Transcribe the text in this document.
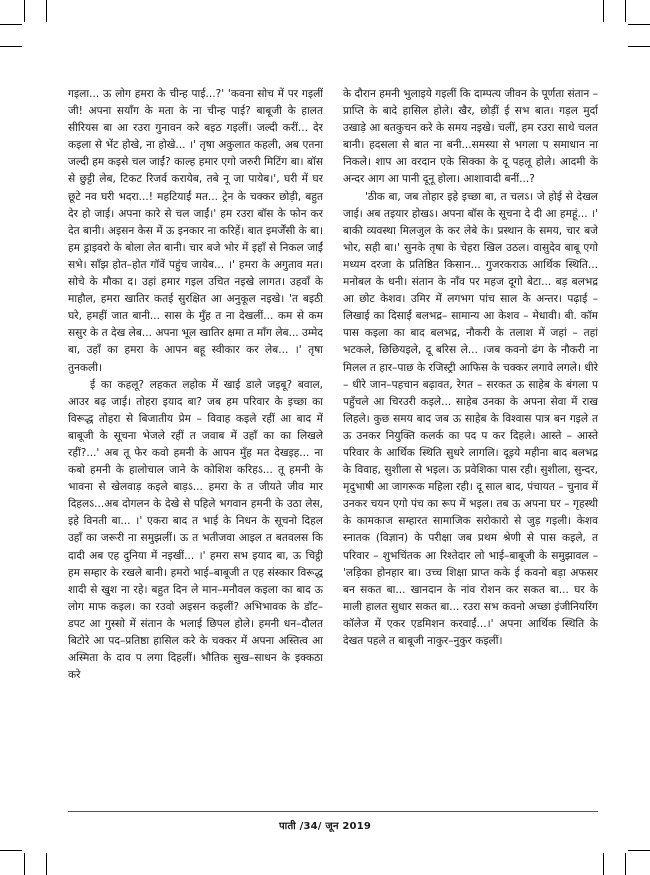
गइला... ऊ लोग हमरा के चीन्ह पाई...?' 'कवना सोच में पर गइलीं जी! अपना सयाँग के मता के ना चीन्ह पाई? बाबूजी के हालत सीरियस बा आ रउरा गुनावन करे बइठ गइलीं। जल्दी करीं... देर कइला से भेंट होखे, ना होखे... ।' तृषा अकुलात कहली, अब एतना जल्दी हम कइसे चल जाईं? काल्ह हमार एगो जरुरी मिटिंग बा। बॉस से छुट्टी लेब, टिकट रिजर्व करायेब, तबे नू जा पायेब।', घरी में घर छूटे नव घरी भदरा...! महटियाईं मत... ट्रेन के चक्कर छोड़ी, बहुत देर हो जाई। अपना कारे से चल जाईं।' हम रउरा बॉस के फोन कर देत बानी। अइसन केस में ऊ इनकार ना करिहें। बात इमर्जेंसी के बा। हम ड्राइवरो के बोला लेत बानी। चार बजे भोर में इहाँ से निकल जाईं सभे। साँझ होत–होत गॉवें पहुंच जायेब... ।' हमरा के अगुताव मत। सोचे के मौका द। उहां हमार गइल उचित नइखे लागत। उहवाँ के माहौल, हमरा खातिर कतई सुरक्षित आ अनुकूल नइखे। 'त बइठी घरे, हमहीं जात बानी... सास के मुँह त ना देखलीं... कम से कम ससुर के त देख लेब... अपना भूल खातिर क्षमा त माँग लेब... उम्मेद बा, उहाँ का हमरा के आपन बहू स्वीकार कर लेब... ।' तृषा तुनकली।

ई का कहलू? लहकत लहोक में खाई डाले जइबू? बवाल, आउर बढ़ जाई। तोहरा इयाद बा? जब हम परिवार के इच्छा का विरूद्ध तोहरा से बिजातीय प्रेम – विवाह कइले रहीं आ बाद में बाबूजी के सूचना भेजले रहीं त जवाब में उहाँ का का लिखले रहीं?...' अब तू फेर कवो हमनी के आपन मुँह मत देखइह... ना कबो हमनी के हालोचाल जाने के कोशिश करिहऽ... तू हमनी के भावना से खेलवाड़ कइले बाड़ऽ... हमरा के त जीयते जीव मार दिहलऽ...अब दोगलन के देखे से पहिले भगवान हमनी के उठा लेस, इहे विनती बा... ।' एकरा बाद त भाई के निधन के सूचनो दिहल उहाँ का जरूरी ना समुझलीं। ऊ त भतीजवा आइल त बतवलस कि दादी अब एह दुनिया में नइखीं... ।' हमरा सभ इयाद बा, ऊ चिट्ठी हम सम्हार के रखले बानी। हमरो भाई–बाबूजी त एह संस्कार विरूद्ध शादी से खुश ना रहे। बहुत दिन ले मान–मनौवल कइला का बाद ऊ लोग माफ कइल। का रउवो अइसन कइलीं? अभिभावक के डॉट–डपट आ गुस्सो में संतान के भलाई छिपल होले। हमनी धन–दौलत बिटोरे आ पद–प्रतिष्ठा हासिल करे के चक्कर में अपना अस्तित्व आ अस्मिता के दाव प लगा दिहलीं। भौतिक सुख–साधन के इक्कठा करे

के दौरान हमनी भुलाइये गइलीं कि दाम्पत्य जीवन के पूर्णता संतान – प्राप्ति के बादे हासिल होले। खैर, छोड़ीं ई सभ बात। गड़ल मुर्दा उखाड़े आ बतकुचन करे के समय नइखे। चलीं, हम रउरा साथे चलत बानी। हदसला से बात ना बनी...समस्या से भगला प समाधान ना निकले। शाप आ वरदान एके सिक्का के दू पहलू होले। आदमी के अन्दर आग आ पानी दूनू होला। आशावादी बनीं...?

'ठीक बा, जब तोहार इहे इच्छा बा, त चलऽ। जे होई से देखल जाई। अब तइयार होखऽ। अपना बॉस के सूचना दे दी आ हमहूं... ।' बाकी व्यवस्था मिलजुल के कर लेबे के। प्रस्थान के समय, चार बजे भोर, सही बा।' सुनके तृषा के चेहरा खिल उठल। वासुदेव बाबू एगो मध्यम दरजा के प्रतिष्ठित किसान... गुजरकराऊ आर्थिक स्थिति... मनोबल के धनी। संतान के नाँव पर महज दूगो बेटा... बड़ बलभद्र आ छोट केशव। उमिर में लगभग पांच साल के अन्तर। पढ़ाई – लिखाई का दिसाईं बलभद्र– सामान्य आ केशव – मेधावी। बी. कॉम पास कइला का बाद बलभद्र, नौकरी के तलाश में जहां – तहां भटकले, छिछियइले, दू बरिस ले... ।जब कवनो ढंग के नौकरी ना मिलल त हार–पाछ के रजिस्ट्री आफिस के चक्कर लगावे लगले। धीरे – धीरे जान–पहचान बढ़ावत, रेगत – सरकत ऊ साहेब के बंगला प पहुँचले आ चिरउरी कइले... साहेब उनका के अपना सेवा में राख लिहले। कुछ समय बाद जब ऊ साहेब के विश्वास पात्र बन गइले त ऊ उनकर नियुक्ति कलर्क का पद प कर दिहले। आस्ते – आस्ते परिवार के आर्थिक स्थिति सुधरे लागलि। दूइये महीना बाद बलभद्र के विवाह, सुशीला से भइल। ऊ प्रवेशिका पास रही। सुशीला, सुन्दर, मृदुभाषी आ जागरूक महिला रही। दू साल बाद, पंचायत – चुनाव में उनकर चयन एगो पंच का रूप में भइल। तब ऊ अपना घर – गृहस्थी के कामकाज सम्हारत सामाजिक सरोकारो से जुड़ गइली। केशव स्नातक (विज्ञान) के परीक्षा जब प्रथम श्रेणी से पास कइले, त परिवार – शुभचिंतक आ रिश्तेदार लो भाई–बाबूजी के समुझावल – 'लड़िका होनहार बा। उच्च शिक्षा प्राप्त कके ई कवनो बड़ा अफसर बन सकत बा... खानदान के नांव रोशन कर सकत बा... घर के माली हालत सुधार सकत बा... रउरा सभ कवनो अच्छा इंजीनियरिंग कॉलेज में एकर एडमिशन करवाईं...।' अपना आर्थिक स्थिति के देखत पहले त बाबूजी नाकुर–नुकुर कइलीं।

पाती /34/ जून 2019
